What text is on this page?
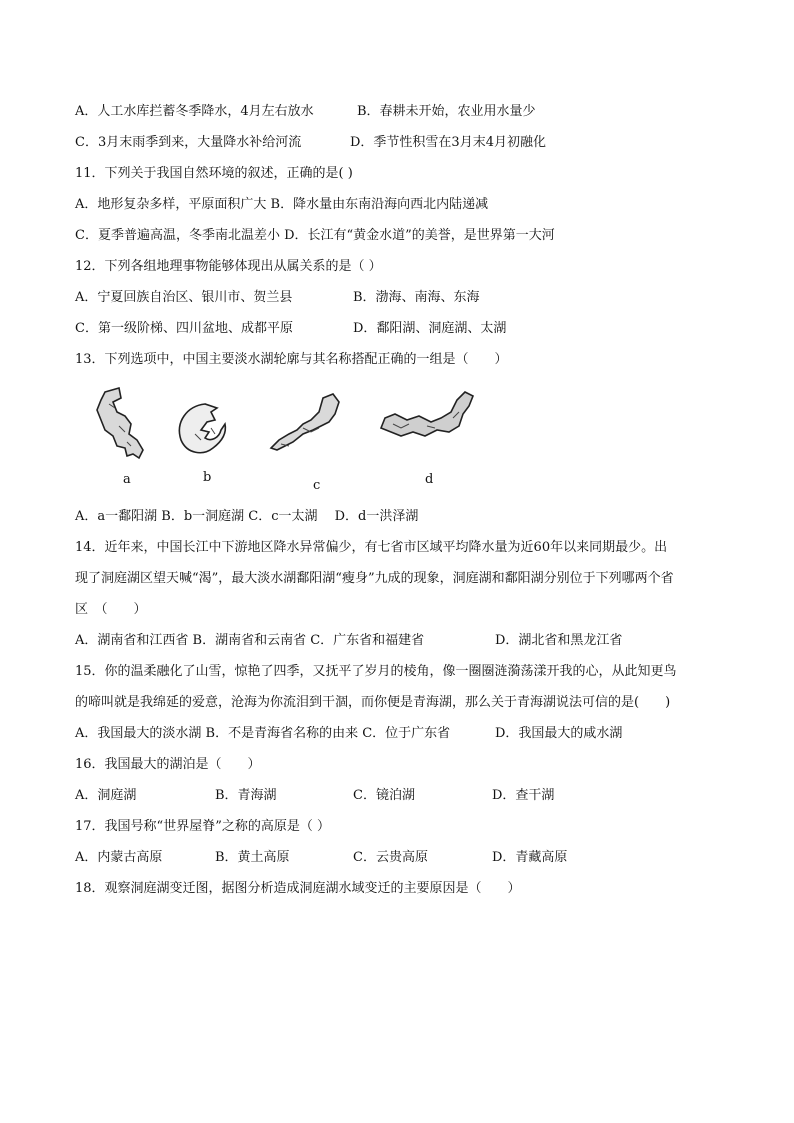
A．人工水库拦蓄冬季降水，4月左右放水	B．春耕未开始，农业用水量少
C．3月末雨季到来，大量降水补给河流	D．季节性积雪在3月末4月初融化
11．下列关于我国自然环境的叙述，正确的是( )
A．地形复杂多样，平原面积广大 B．降水量由东南沿海向西北内陆递减
C．夏季普遍高温，冬季南北温差小 D．长江有“黄金水道”的美誉，是世界第一大河
12．下列各组地理事物能够体现出从属关系的是（ ）
A．宁夏回族自治区、银川市、贺兰县	B．渤海、南海、东海
C．第一级阶梯、四川盆地、成都平原	D．鄱阳湖、洞庭湖、太湖
13．下列选项中，中国主要淡水湖轮廓与其名称搭配正确的一组是（　　）
a	b
c	d
A．a一鄱阳湖 B．b一洞庭湖 C．c一太湖　 D．d一洪泽湖
14．近年来，中国长江中下游地区降水异常偏少，有七省市区域平均降水量为近60年以来同期最少。出
现了洞庭湖区望天喊“渴”，最大淡水湖鄱阳湖“瘦身”九成的现象，洞庭湖和鄱阳湖分别位于下列哪两个省
区　（　　）
A．湖南省和江西省 B．湖南省和云南省 C．广东省和福建省	D．湖北省和黑龙江省
15．你的温柔融化了山雪，惊艳了四季，又抚平了岁月的棱角，像一圈圈涟漪荡漾开我的心，从此知更鸟
的啼叫就是我绵延的爱意，沧海为你流泪到干涸，而你便是青海湖，那么关于青海湖说法可信的是(　　)
A．我国最大的淡水湖 B．不是青海省名称的由来 C．位于广东省	D．我国最大的咸水湖
16．我国最大的湖泊是（　　）
A．洞庭湖	B．青海湖	C．镜泊湖	D．查干湖
17．我国号称“世界屋脊”之称的高原是（ ）
A．内蒙古高原	B．黄土高原	C．云贵高原	D．青藏高原
18．观察洞庭湖变迁图，据图分析造成洞庭湖水域变迁的主要原因是（　　）
